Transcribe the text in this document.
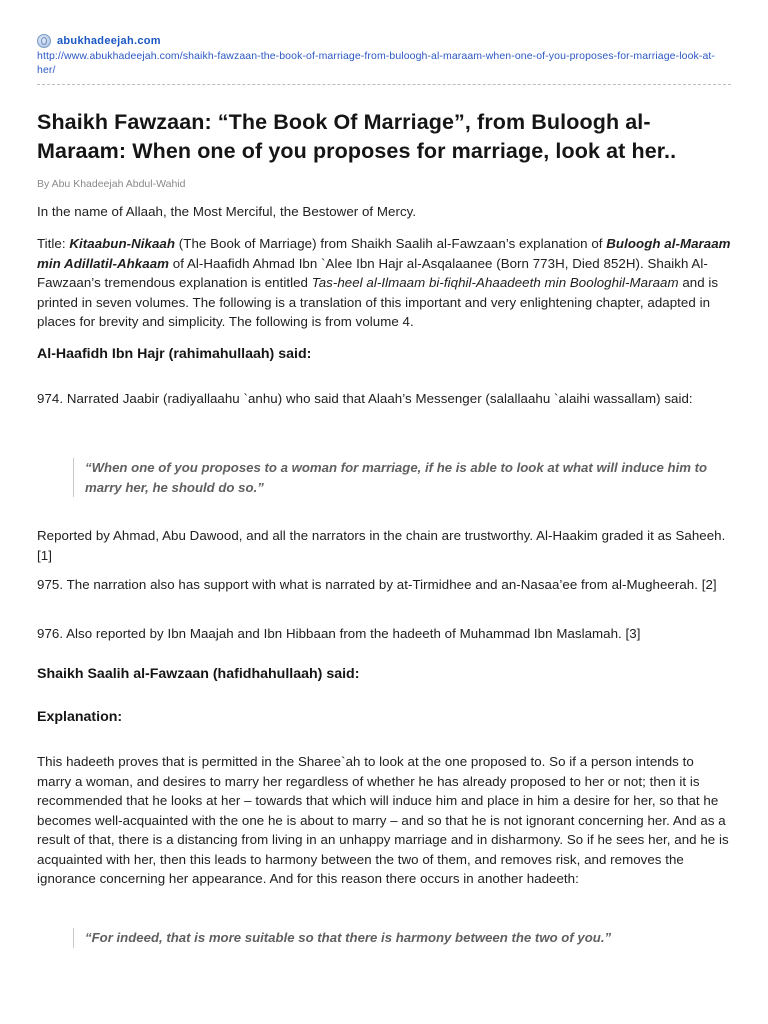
abukhadeejah.com
http://www.abukhadeejah.com/shaikh-fawzaan-the-book-of-marriage-from-buloogh-al-maraam-when-one-of-you-proposes-for-marriage-look-at-her/
Shaikh Fawzaan: “The Book Of Marriage”, from Buloogh al-Maraam: When one of you proposes for marriage, look at her..
By Abu Khadeejah Abdul-Wahid

In the name of Allaah, the Most Merciful, the Bestower of Mercy.

Title: Kitaabun-Nikaah (The Book of Marriage) from Shaikh Saalih al-Fawzaan’s explanation of Buloogh al-Maraam min Adillatil-Ahkaam of Al-Haafidh Ahmad Ibn `Alee Ibn Hajr al-Asqalaanee (Born 773H, Died 852H). Shaikh Al-Fawzaan’s tremendous explanation is entitled Tas-heel al-Ilmaam bi-fiqhil-Ahaadeeth min Boologhil-Maraam and is printed in seven volumes. The following is a translation of this important and very enlightening chapter, adapted in places for brevity and simplicity. The following is from volume 4.

Al-Haafidh Ibn Hajr (rahimahullaah) said:

974. Narrated Jaabir (radiyallaahu `anhu) who said that Alaah’s Messenger (salallaahu `alaihi wassallam) said:

“When one of you proposes to a woman for marriage, if he is able to look at what will induce him to marry her, he should do so.”

Reported by Ahmad, Abu Dawood, and all the narrators in the chain are trustworthy. Al-Haakim graded it as Saheeh. [1]

975. The narration also has support with what is narrated by at-Tirmidhee and an-Nasaa’ee from al-Mugheerah. [2]

976. Also reported by Ibn Maajah and Ibn Hibbaan from the hadeeth of Muhammad Ibn Maslamah. [3]

Shaikh Saalih al-Fawzaan (hafidhahullaah) said:
Explanation:

This hadeeth proves that is permitted in the Sharee`ah to look at the one proposed to. So if a person intends to marry a woman, and desires to marry her regardless of whether he has already proposed to her or not; then it is recommended that he looks at her – towards that which will induce him and place in him a desire for her, so that he becomes well-acquainted with the one he is about to marry – and so that he is not ignorant concerning her. And as a result of that, there is a distancing from living in an unhappy marriage and in disharmony. So if he sees her, and he is acquainted with her, then this leads to harmony between the two of them, and removes risk, and removes the ignorance concerning her appearance. And for this reason there occurs in another hadeeth:

“For indeed, that is more suitable so that there is harmony between the two of you.”
